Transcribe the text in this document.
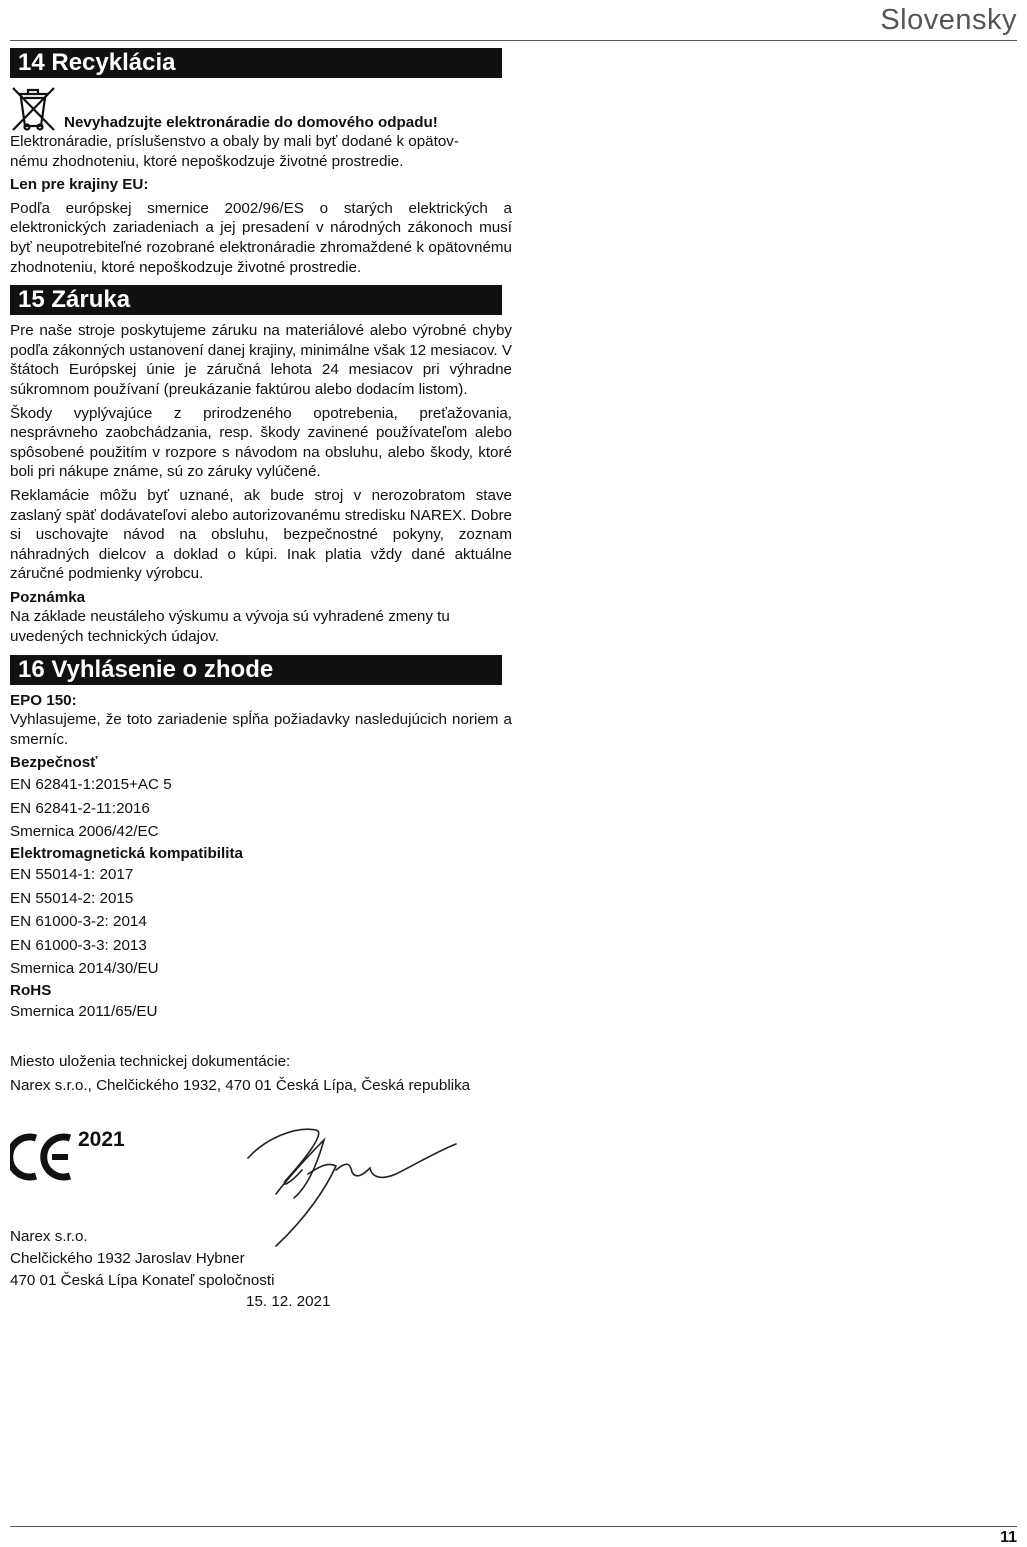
Slovensky
14 Recyklácia
Nevyhadzujte elektronáradie do domového odpadu!

Elektronáradie, príslušenstvo a obaly by mali byť dodané k opätov-

nému zhodnoteniu, ktoré nepoškodzuje životné prostredie.

Len pre krajiny EU:

Podľa európskej smernice 2002/96/ES o starých elektrických a elektronických zariadeniach a jej presadení v národných zákonoch musí byť neupotrebiteľné rozobrané elektronáradie zhromaždené k opätovnému zhodnoteniu, ktoré nepoškodzuje životné prostredie.

15 Záruka

Pre naše stroje poskytujeme záruku na materiálové alebo výrobné chyby podľa zákonných ustanovení danej krajiny, minimálne však 12 mesiacov. V štátoch Európskej únie je záručná lehota 24 mesiacov pri výhradne súkromnom používaní (preukázanie faktúrou alebo dodacím listom).

Škody vyplývajúce z prirodzeného opotrebenia, preťažovania, nesprávneho zaobchádzania, resp. škody zavinené používateľom alebo spôsobené použitím v rozpore s návodom na obsluhu, alebo škody, ktoré boli pri nákupe známe, sú zo záruky vylúčené.

Reklamácie môžu byť uznané, ak bude stroj v nerozobratom stave zaslaný späť dodávateľovi alebo autorizovanému stredisku NAREX. Dobre si uschovajte návod na obsluhu, bezpečnostné pokyny, zoznam náhradných dielcov a doklad o kúpi. Inak platia vždy dané aktuálne záručné podmienky výrobcu.

Poznámka

Na základe neustáleho výskumu a vývoja sú vyhradené zmeny tu uvedených technických údajov.

16 Vyhlásenie o zhode

EPO 150:

Vyhlasujeme, že toto zariadenie spĺňa požiadavky nasledujúcich noriem a smerníc.

Bezpečnosť

EN 62841-1:2015+AC 5

EN 62841-2-11:2016

Smernica 2006/42/EC

Elektromagnetická kompatibilita

EN 55014-1: 2017

EN 55014-2: 2015

EN 61000-3-2: 2014

EN 61000-3-3: 2013

Smernica 2014/30/EU

RoHS

Smernica 2011/65/EU

Miesto uloženia technickej dokumentácie:

Narex s.r.o., Chelčického 1932, 470 01 Česká Lípa, Česká republika

2021

Narex s.r.o.

Chelčického 1932 Jaroslav Hybner

470 01 Česká Lípa Konateľ spoločnosti

15. 12. 2021

11
